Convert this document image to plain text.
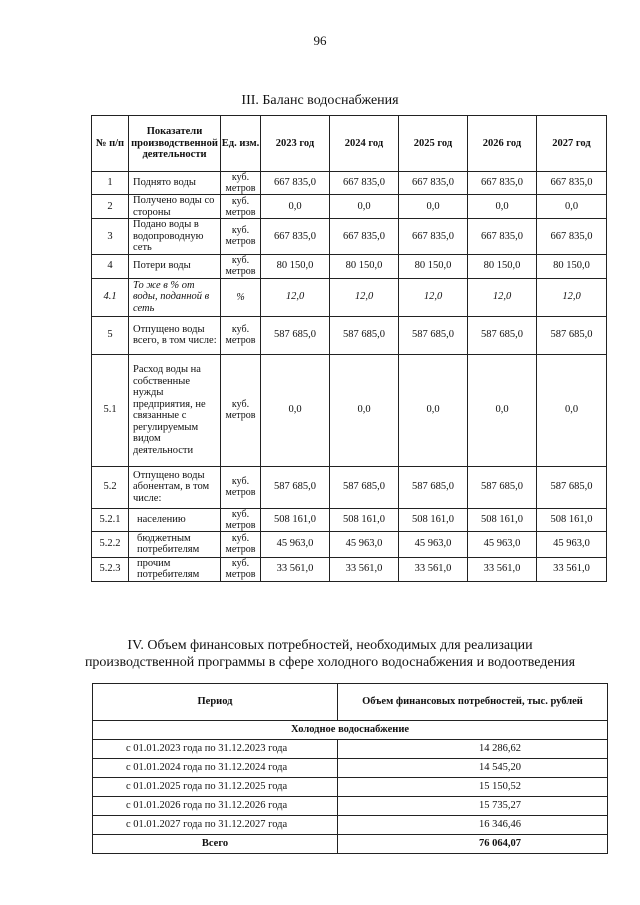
96
III. Баланс водоснабжения
№ п/п	Показатели производственной деятельности	Ед. изм.	2023 год	2024 год	2025 год	2026 год	2027 год
1	Поднято воды	куб. метров	667 835,0	667 835,0	667 835,0	667 835,0	667 835,0
2	Получено воды со стороны	куб. метров	0,0	0,0	0,0	0,0	0,0
3	Подано воды в водопроводную сеть	куб. метров	667 835,0	667 835,0	667 835,0	667 835,0	667 835,0
4	Потери воды	куб. метров	80 150,0	80 150,0	80 150,0	80 150,0	80 150,0
4.1	То же в % от воды, поданной в сеть	%	12,0	12,0	12,0	12,0	12,0
5	Отпущено воды всего, в том числе:	куб. метров	587 685,0	587 685,0	587 685,0	587 685,0	587 685,0
5.1	Расход воды на собственные нужды предприятия, не связанные с регулируемым видом деятельности	куб. метров	0,0	0,0	0,0	0,0	0,0
5.2	Отпущено воды абонентам, в том числе:	куб. метров	587 685,0	587 685,0	587 685,0	587 685,0	587 685,0
5.2.1	населению	куб. метров	508 161,0	508 161,0	508 161,0	508 161,0	508 161,0
5.2.2	бюджетным потребителям	куб. метров	45 963,0	45 963,0	45 963,0	45 963,0	45 963,0
5.2.3	прочим потребителям	куб. метров	33 561,0	33 561,0	33 561,0	33 561,0	33 561,0
IV. Объем финансовых потребностей, необходимых для реализации производственной программы в сфере холодного водоснабжения и водоотведения
Период	Объем финансовых потребностей, тыс. рублей
Холодное водоснабжение	
с 01.01.2023 года по 31.12.2023 года	14 286,62
с 01.01.2024 года по 31.12.2024 года	14 545,20
с 01.01.2025 года по 31.12.2025 года	15 150,52
с 01.01.2026 года по 31.12.2026 года	15 735,27
с 01.01.2027 года по 31.12.2027 года	16 346,46
Всего	76 064,07
